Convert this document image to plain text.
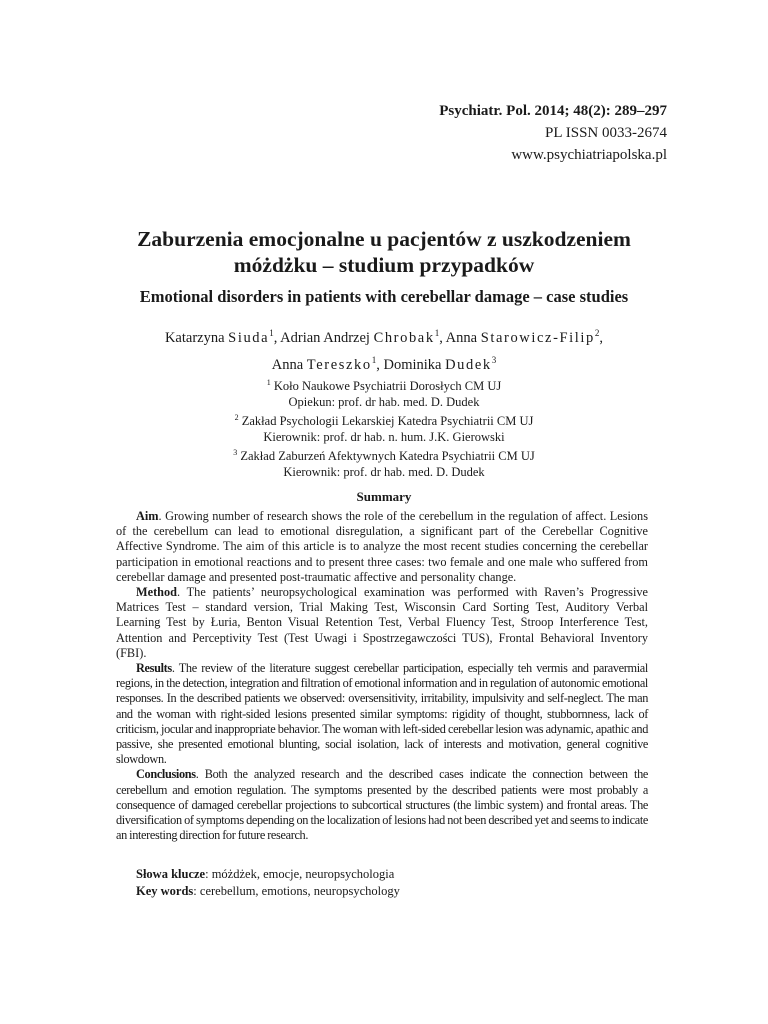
Psychiatr. Pol. 2014; 48(2): 289–297
PL ISSN 0033-2674
www.psychiatriapolska.pl
Zaburzenia emocjonalne u pacjentów z uszkodzeniem
móżdżku – studium przypadków
Emotional disorders in patients with cerebellar damage – case studies
Katarzyna Siuda$^1$, Adrian Andrzej Chrobak$^1$, Anna Starowicz-Filip$^2$,
Anna Tereszko$^1$, Dominika Dudek$^3$
$^1$ Koło Naukowe Psychiatrii Dorosłych CM UJ
Opiekun: prof. dr hab. med. D. Dudek
$^2$ Zakład Psychologii Lekarskiej Katedra Psychiatrii CM UJ
Kierownik: prof. dr hab. n. hum. J.K. Gierowski
$^3$ Zakład Zaburzeń Afektywnych Katedra Psychiatrii CM UJ
Kierownik: prof. dr hab. med. D. Dudek
Summary

Aim. Growing number of research shows the role of the cerebellum in the regulation of affect. Lesions of the cerebellum can lead to emotional disregulation, a significant part of the Cerebellar Cognitive Affective Syndrome. The aim of this article is to analyze the most recent studies concerning the cerebellar participation in emotional reactions and to present three cases: two female and one male who suffered from cerebellar damage and presented post-traumatic affective and personality change.

Method. The patients’ neuropsychological examination was performed with Raven’s Progressive Matrices Test – standard version, Trial Making Test, Wisconsin Card Sorting Test, Auditory Verbal Learning Test by Łuria, Benton Visual Retention Test, Verbal Fluency Test, Stroop Interference Test, Attention and Perceptivity Test (Test Uwagi i Spostrzegawczości TUS), Frontal Behavioral Inventory (FBI).

Results. The review of the literature suggest cerebellar participation, especially teh vermis and paravermial regions, in the detection, integration and filtration of emotional information and in regulation of autonomic emotional responses. In the described patients we observed: oversensitivity, irritability, impulsivity and self-neglect. The man and the woman with right-sided lesions presented similar symptoms: rigidity of thought, stubbornness, lack of criticism, jocular and inappropriate behavior. The woman with left-sided cerebellar lesion was adynamic, apathic and passive, she presented emotional blunting, social isolation, lack of interests and motivation, general cognitive slowdown.

Conclusions. Both the analyzed research and the described cases indicate the connection between the cerebellum and emotion regulation. The symptoms presented by the described patients were most probably a consequence of damaged cerebellar projections to subcortical structures (the limbic system) and frontal areas. The diversification of symptoms depending on the localization of lesions had not been described yet and seems to indicate an interesting direction for future research.

Słowa klucze: móżdżek, emocje, neuropsychologia

Key words: cerebellum, emotions, neuropsychology
